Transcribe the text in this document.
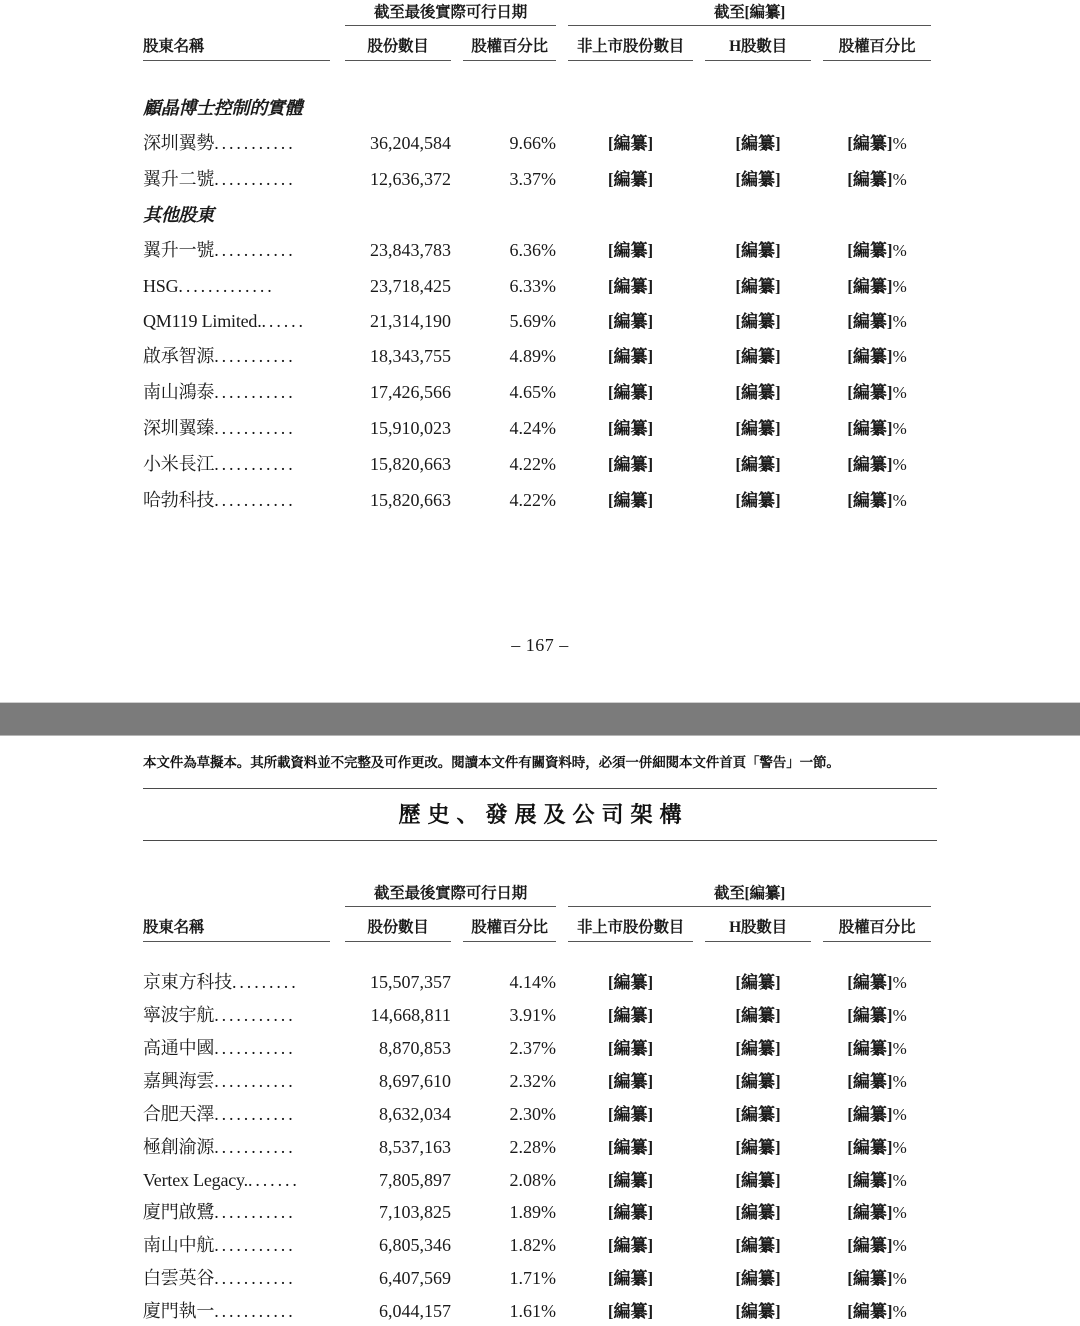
	截至最後實際可行日期		截至[編纂]		

股東名稱	股份數目	股權百分比	非上市股份數目	H股數目	股權百分比

顧晶博士控制的實體					
深圳翼勢...........	36,204,584	9.66%	[編纂]	[編纂]	[編纂]%
翼升二號...........	12,636,372	3.37%	[編纂]	[編纂]	[編纂]%
其他股東					
翼升一號...........	23,843,783	6.36%	[編纂]	[編纂]	[編纂]%
HSG.............	23,718,425	6.33%	[編纂]	[編纂]	[編纂]%
QM119 Limited.......	21,314,190	5.69%	[編纂]	[編纂]	[編纂]%
啟承智源...........	18,343,755	4.89%	[編纂]	[編纂]	[編纂]%
南山鴻泰...........	17,426,566	4.65%	[編纂]	[編纂]	[編纂]%
深圳翼臻...........	15,910,023	4.24%	[編纂]	[編纂]	[編纂]%
小米長江...........	15,820,663	4.22%	[編纂]	[編纂]	[編纂]%
哈勃科技...........	15,820,663	4.22%	[編纂]	[編纂]	[編纂]%
– 167 –
本文件為草擬本。其所載資料並不完整及可作更改。閱讀本文件有關資料時，必須一併細閱本文件首頁「警告」一節。
歷史、發展及公司架構
	截至最後實際可行日期		截至[編纂]		

股東名稱	股份數目	股權百分比	非上市股份數目	H股數目	股權百分比

京東方科技.........	15,507,357	4.14%	[編纂]	[編纂]	[編纂]%
寧波宇航...........	14,668,811	3.91%	[編纂]	[編纂]	[編纂]%
高通中國...........	8,870,853	2.37%	[編纂]	[編纂]	[編纂]%
嘉興海雲...........	8,697,610	2.32%	[編纂]	[編纂]	[編纂]%
合肥天澤...........	8,632,034	2.30%	[編纂]	[編纂]	[編纂]%
極創渝源...........	8,537,163	2.28%	[編纂]	[編纂]	[編纂]%
Vertex Legacy........	7,805,897	2.08%	[編纂]	[編纂]	[編纂]%
廈門啟鷺...........	7,103,825	1.89%	[編纂]	[編纂]	[編纂]%
南山中航...........	6,805,346	1.82%	[編纂]	[編纂]	[編纂]%
白雲英谷...........	6,407,569	1.71%	[編纂]	[編纂]	[編纂]%
廈門執一...........	6,044,157	1.61%	[編纂]	[編纂]	[編纂]%
